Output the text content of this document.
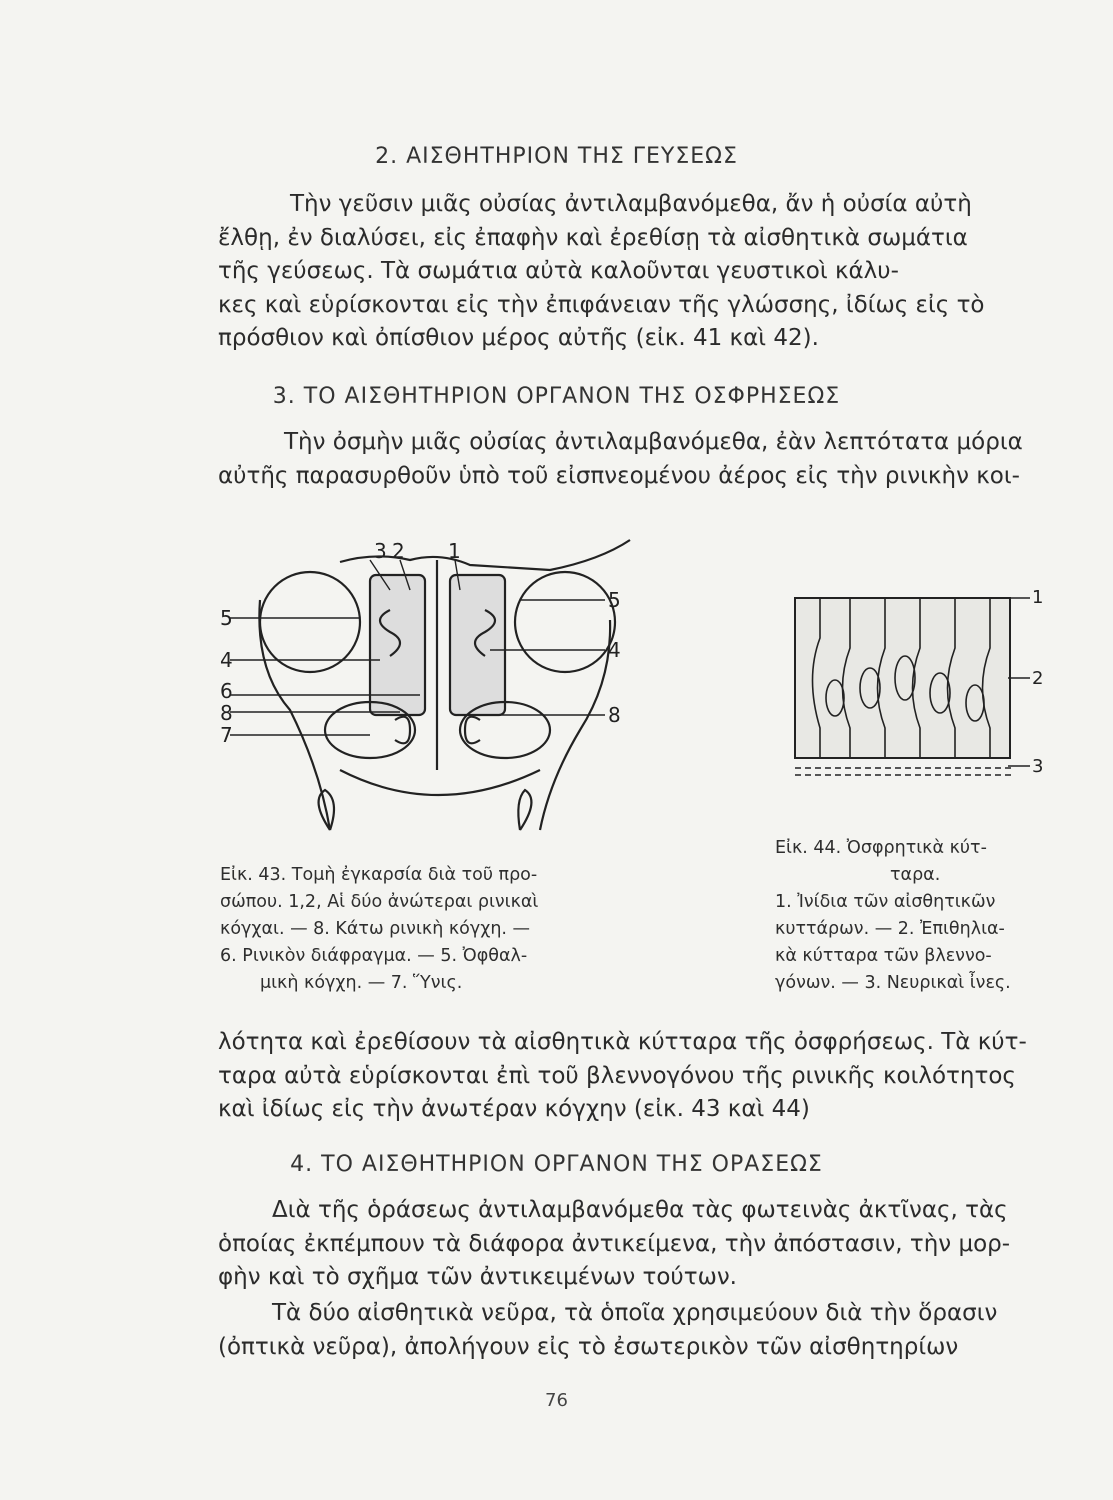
2. ΑΙΣΘΗΤΗΡΙΟΝ ΤΗΣ ΓΕΥΣΕΩΣ
Τὴν γεῦσιν μιᾶς οὐσίας ἀντιλαμβανόμεθα, ἄν ἡ οὐσία αὐτὴ
ἔλθῃ, ἐν διαλύσει, εἰς ἐπαφὴν καὶ ἐρεθίσῃ τὰ αἰσθητικὰ σωμάτια
τῆς γεύσεως. Τὰ σωμάτια αὐτὰ καλοῦνται γευστικοὶ κάλυ-
κες καὶ εὑρίσκονται εἰς τὴν ἐπιφάνειαν τῆς γλώσσης, ἰδίως εἰς τὸ
πρόσθιον καὶ ὀπίσθιον μέρος αὐτῆς (εἰκ. 41 καὶ 42).
3. ΤΟ ΑΙΣΘΗΤΗΡΙΟΝ ΟΡΓΑΝΟΝ ΤΗΣ ΟΣΦΡΗΣΕΩΣ
Τὴν ὀσμὴν μιᾶς οὐσίας ἀντιλαμβανόμεθα, ἐὰν λεπτότατα μόρια
αὐτῆς παρασυρθοῦν ὑπὸ τοῦ εἰσπνεομένου ἀέρος εἰς τὴν ρινικὴν κοι-
3 2 1
5
4
6
8
7
5
4
8
1
2
3
Εἰκ. 43. Τομὴ ἐγκαρσία διὰ τοῦ προ-
σώπου. 1,2, Αἱ δύο ἀνώτεραι ρινικαὶ
κόγχαι. — 8. Κάτω ρινικὴ κόγχη. —
6. Ρινικὸν διάφραγμα. — 5. Ὀφθαλ-
μικὴ κόγχη. — 7. Ὕνις.
Εἰκ. 44. Ὀσφρητικὰ κύτ-
ταρα.
1. Ἰνίδια τῶν αἰσθητικῶν
κυττάρων. — 2. Ἐπιθηλια-
κὰ κύτταρα τῶν βλεννο-
γόνων. — 3. Νευρικαὶ ἶνες.
λότητα καὶ ἐρεθίσουν τὰ αἰσθητικὰ κύτταρα τῆς ὀσφρήσεως. Τὰ κύτ-
ταρα αὐτὰ εὑρίσκονται ἐπὶ τοῦ βλεννογόνου τῆς ρινικῆς κοιλότητος
καὶ ἰδίως εἰς τὴν ἀνωτέραν κόγχην (εἰκ. 43 καὶ 44)
4. ΤΟ ΑΙΣΘΗΤΗΡΙΟΝ ΟΡΓΑΝΟΝ ΤΗΣ ΟΡΑΣΕΩΣ
Διὰ τῆς ὁράσεως ἀντιλαμβανόμεθα τὰς φωτεινὰς ἀκτῖνας, τὰς
ὁποίας ἐκπέμπουν τὰ διάφορα ἀντικείμενα, τὴν ἀπόστασιν, τὴν μορ-
φὴν καὶ τὸ σχῆμα τῶν ἀντικειμένων τούτων.
Τὰ δύο αἰσθητικὰ νεῦρα, τὰ ὁποῖα χρησιμεύουν διὰ τὴν ὅρασιν
(ὀπτικὰ νεῦρα), ἀπολήγουν εἰς τὸ ἐσωτερικὸν τῶν αἰσθητηρίων
76
